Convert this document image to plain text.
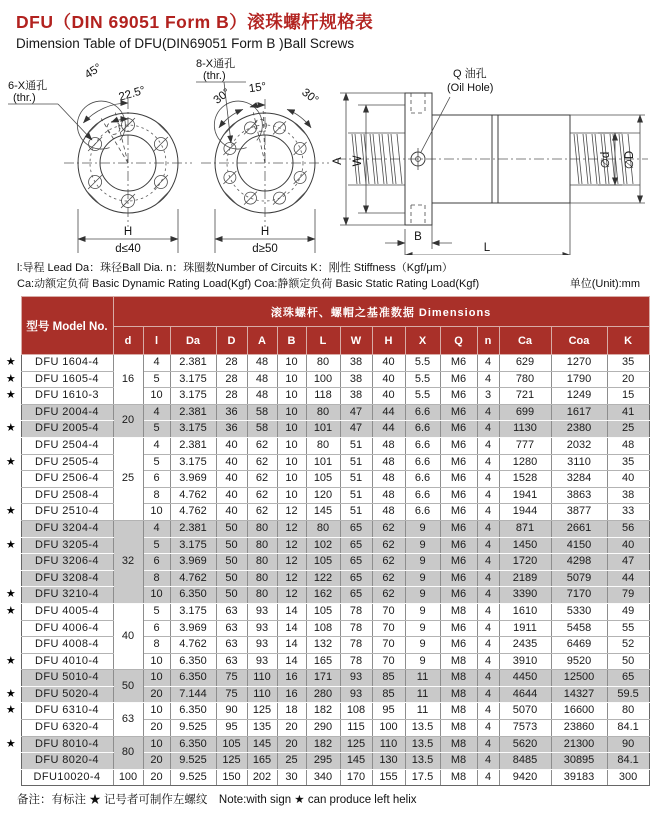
DFU（DIN 69051 Form B）滚珠螺杆规格表
Dimension Table of DFU(DIN69051 Form B )Ball Screws
45°
22.5°
6-X通孔
(thr.)
H
d≤40
30° 15°	30°
8-X通孔
(thr.)
H
d≥50
Q 油孔
(Oil Hole)
A W	∅d ∅D
B
L
l:导程 Lead Da：珠径Ball Dia. n：珠圈数Number of Circuits K：刚性 Stiffness（Kgf/μm）
Ca:动额定负荷 Basic Dynamic Rating Load(Kgf) Coa:静额定负荷 Basic Static Rating Load(Kgf)	单位(Unit):mm
	型号 Model No.	滚珠螺杆、螺帽之基准数据 Dimensions														
		d	l	Da	D	A	B	L	W	H	X	Q	n	Ca	Coa	K
★	DFU 1604-4	16	4	2.381	28	48	10	80	38	40	5.5	M6	4	629	1270	35
★	DFU 1605-4		5	3.175	28	48	10	100	38	40	5.5	M6	4	780	1790	20
★	DFU 1610-3		10	3.175	28	48	10	118	38	40	5.5	M6	3	721	1249	15
	DFU 2004-4	20	4	2.381	36	58	10	80	47	44	6.6	M6	4	699	1617	41
★	DFU 2005-4		5	3.175	36	58	10	101	47	44	6.6	M6	4	1130	2380	25
	DFU 2504-4	25	4	2.381	40	62	10	80	51	48	6.6	M6	4	777	2032	48
★	DFU 2505-4		5	3.175	40	62	10	101	51	48	6.6	M6	4	1280	3110	35
	DFU 2506-4		6	3.969	40	62	10	105	51	48	6.6	M6	4	1528	3284	40
	DFU 2508-4		8	4.762	40	62	10	120	51	48	6.6	M6	4	1941	3863	38
★	DFU 2510-4		10	4.762	40	62	12	145	51	48	6.6	M6	4	1944	3877	33
	DFU 3204-4	32	4	2.381	50	80	12	80	65	62	9	M6	4	871	2661	56
★	DFU 3205-4		5	3.175	50	80	12	102	65	62	9	M6	4	1450	4150	40
	DFU 3206-4		6	3.969	50	80	12	105	65	62	9	M6	4	1720	4298	47
	DFU 3208-4		8	4.762	50	80	12	122	65	62	9	M6	4	2189	5079	44
★	DFU 3210-4		10	6.350	50	80	12	162	65	62	9	M6	4	3390	7170	79
★	DFU 4005-4	40	5	3.175	63	93	14	105	78	70	9	M8	4	1610	5330	49
	DFU 4006-4		6	3.969	63	93	14	108	78	70	9	M6	4	1911	5458	55
	DFU 4008-4		8	4.762	63	93	14	132	78	70	9	M6	4	2435	6469	52
★	DFU 4010-4		10	6.350	63	93	14	165	78	70	9	M8	4	3910	9520	50
	DFU 5010-4	50	10	6.350	75	110	16	171	93	85	11	M8	4	4450	12500	65
★	DFU 5020-4		20	7.144	75	110	16	280	93	85	11	M8	4	4644	14327	59.5
★	DFU 6310-4	63	10	6.350	90	125	18	182	108	95	11	M8	4	5070	16600	80
	DFU 6320-4		20	9.525	95	135	20	290	115	100	13.5	M8	4	7573	23860	84.1
★	DFU 8010-4	80	10	6.350	105	145	20	182	125	110	13.5	M8	4	5620	21300	90
	DFU 8020-4		20	9.525	125	165	25	295	145	130	13.5	M8	4	8485	30895	84.1
	DFU10020-4	100	20	9.525	150	202	30	340	170	155	17.5	M8	4	9420	39183	300
备注：有标注 ★ 记号者可制作左螺纹　Note:with sign ★ can produce left helix
